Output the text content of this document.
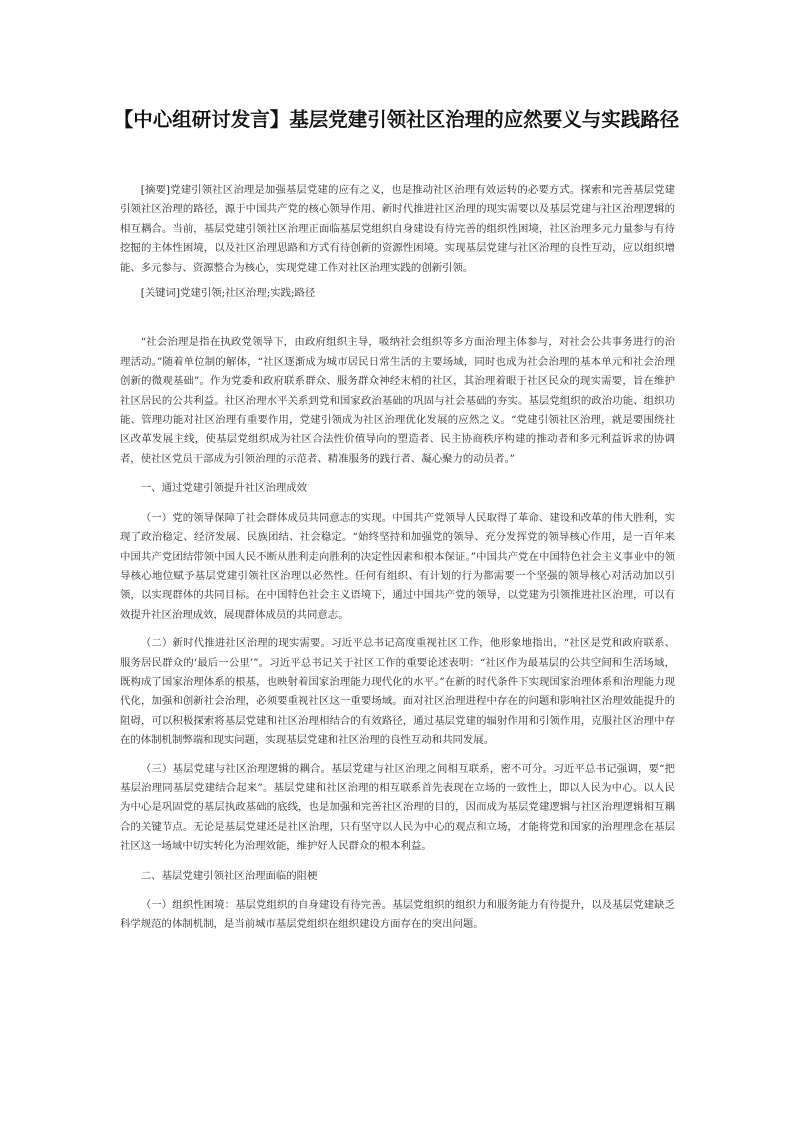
【中心组研讨发言】基层党建引领社区治理的应然要义与实践路径

[摘要]党建引领社区治理是加强基层党建的应有之义，也是推动社区治理有效运转的必要方式。探索和完善基层党建引领社区治理的路径，源于中国共产党的核心领导作用、新时代推进社区治理的现实需要以及基层党建与社区治理逻辑的相互耦合。当前，基层党建引领社区治理正面临基层党组织自身建设有待完善的组织性困境，社区治理多元力量参与有待挖掘的主体性困境，以及社区治理思路和方式有待创新的资源性困境。实现基层党建与社区治理的良性互动，应以组织增能、多元参与、资源整合为核心，实现党建工作对社区治理实践的创新引领。

[关键词]党建引领;社区治理;实践;路径

“社会治理是指在执政党领导下，由政府组织主导，吸纳社会组织等多方面治理主体参与，对社会公共事务进行的治理活动。”随着单位制的解体，“社区逐渐成为城市居民日常生活的主要场域，同时也成为社会治理的基本单元和社会治理创新的微观基础”。作为党委和政府联系群众、服务群众神经末梢的社区，其治理着眼于社区民众的现实需要，旨在维护社区居民的公共利益。社区治理水平关系到党和国家政治基础的巩固与社会基础的夯实。基层党组织的政治功能、组织功能、管理功能对社区治理有重要作用，党建引领成为社区治理优化发展的应然之义。“党建引领社区治理，就是要围绕社区改革发展主线，使基层党组织成为社区合法性价值导向的塑造者、民主协商秩序构建的推动者和多元利益诉求的协调者，使社区党员干部成为引领治理的示范者、精准服务的践行者、凝心聚力的动员者。”

一、通过党建引领提升社区治理成效

（一）党的领导保障了社会群体成员共同意志的实现。中国共产党领导人民取得了革命、建设和改革的伟大胜利，实现了政治稳定、经济发展、民族团结、社会稳定。“始终坚持和加强党的领导、充分发挥党的领导核心作用，是一百年来中国共产党团结带领中国人民不断从胜利走向胜利的决定性因素和根本保证。”中国共产党在中国特色社会主义事业中的领导核心地位赋予基层党建引领社区治理以必然性。任何有组织、有计划的行为都需要一个坚强的领导核心对活动加以引领，以实现群体的共同目标。在中国特色社会主义语境下，通过中国共产党的领导，以党建为引领推进社区治理，可以有效提升社区治理成效，展现群体成员的共同意志。

（二）新时代推进社区治理的现实需要。习近平总书记高度重视社区工作，他形象地指出，“社区是党和政府联系、服务居民群众的‘最后一公里’”。习近平总书记关于社区工作的重要论述表明：“社区作为最基层的公共空间和生活场域，既构成了国家治理体系的根基，也映射着国家治理能力现代化的水平。”在新的时代条件下实现国家治理体系和治理能力现代化，加强和创新社会治理，必须要重视社区这一重要场域。面对社区治理进程中存在的问题和影响社区治理效能提升的阻碍，可以积极探索将基层党建和社区治理相结合的有效路径，通过基层党建的辐射作用和引领作用，克服社区治理中存在的体制机制弊端和现实问题，实现基层党建和社区治理的良性互动和共同发展。

（三）基层党建与社区治理逻辑的耦合。基层党建与社区治理之间相互联系，密不可分。习近平总书记强调，要“把基层治理同基层党建结合起来”。基层党建和社区治理的相互联系首先表现在立场的一致性上，即以人民为中心。以人民为中心是巩固党的基层执政基础的底线，也是加强和完善社区治理的目的，因而成为基层党建逻辑与社区治理逻辑相互耦合的关键节点。无论是基层党建还是社区治理，只有坚守以人民为中心的观点和立场，才能将党和国家的治理理念在基层社区这一场域中切实转化为治理效能，维护好人民群众的根本利益。

二、基层党建引领社区治理面临的阻梗

（一）组织性困境：基层党组织的自身建设有待完善。基层党组织的组织力和服务能力有待提升，以及基层党建缺乏科学规范的体制机制，是当前城市基层党组织在组织建设方面存在的突出问题。
